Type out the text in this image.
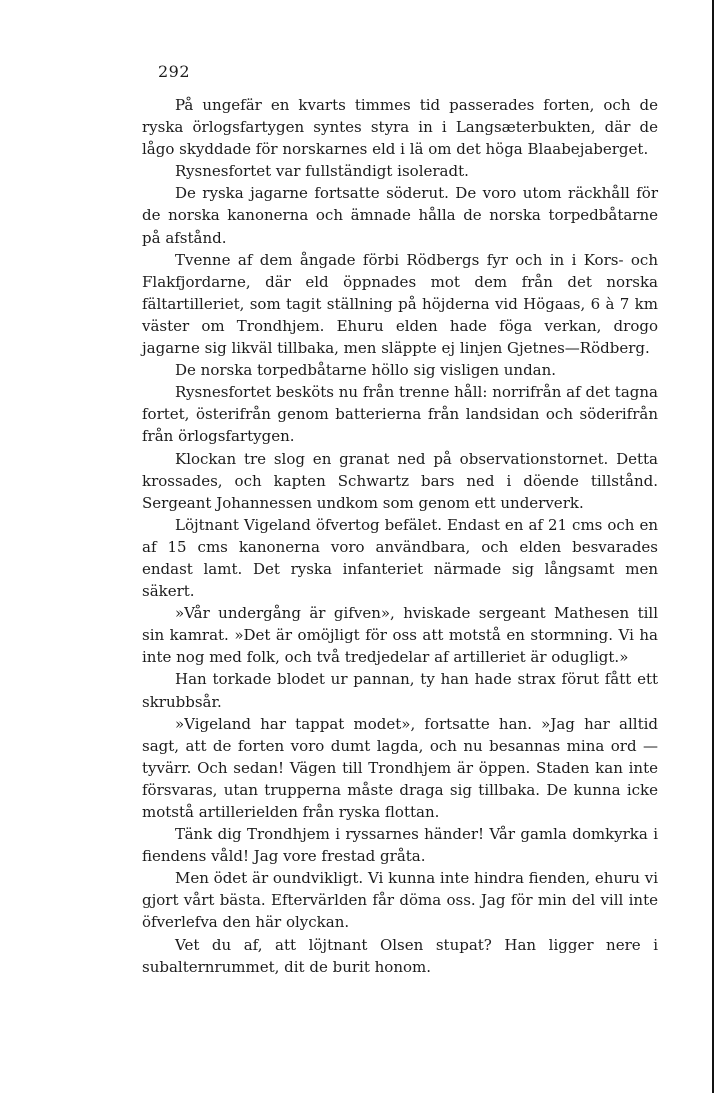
292

På ungefär en kvarts timmes tid passerades forten, och de ryska örlogsfartygen syntes styra in i Langsæterbukten, där de lågo skyddade för norskarnes eld i lä om det höga Blaabejaberget.

Rysnesfortet var fullständigt isoleradt.

De ryska jagarne fortsatte söderut. De voro utom räckhåll för de norska kanonerna och ämnade hålla de norska torpedbåtarne på afstånd.

Tvenne af dem ångade förbi Rödbergs fyr och in i Kors- och Flakfjordarne, där eld öppnades mot dem från det norska fältartilleriet, som tagit ställning på höjderna vid Högaas, 6 à 7 km väster om Trondhjem. Ehuru elden hade föga verkan, drogo jagarne sig likväl tillbaka, men släppte ej linjen Gjetnes—Rödberg.

De norska torpedbåtarne höllo sig visligen undan.

Rysnesfortet besköts nu från trenne håll: norrifrån af det tagna fortet, österifrån genom batterierna från landsidan och söderifrån från örlogsfartygen.

Klockan tre slog en granat ned på observationstornet. Detta krossades, och kapten Schwartz bars ned i döende tillstånd. Sergeant Johannessen undkom som genom ett underverk.

Löjtnant Vigeland öfvertog befälet. Endast en af 21 cms och en af 15 cms kanonerna voro användbara, och elden besvarades endast lamt. Det ryska infanteriet närmade sig långsamt men säkert.

»Vår undergång är gifven», hviskade sergeant Mathesen till sin kamrat. »Det är omöjligt för oss att motstå en stormning. Vi ha inte nog med folk, och två tredjedelar af artilleriet är odugligt.»

Han torkade blodet ur pannan, ty han hade strax förut fått ett skrubbsår.

»Vigeland har tappat modet», fortsatte han. »Jag har alltid sagt, att de forten voro dumt lagda, och nu besannas mina ord — tyvärr. Och sedan! Vägen till Trondhjem är öppen. Staden kan inte försvaras, utan trupperna måste draga sig tillbaka. De kunna icke motstå artillerielden från ryska flottan.

Tänk dig Trondhjem i ryssarnes händer! Vår gamla domkyrka i fiendens våld! Jag vore frestad gråta.

Men ödet är oundvikligt. Vi kunna inte hindra fienden, ehuru vi gjort vårt bästa. Eftervärlden får döma oss. Jag för min del vill inte öfverlefva den här olyckan.

Vet du af, att löjtnant Olsen stupat? Han ligger nere i subalternrummet, dit de burit honom.
